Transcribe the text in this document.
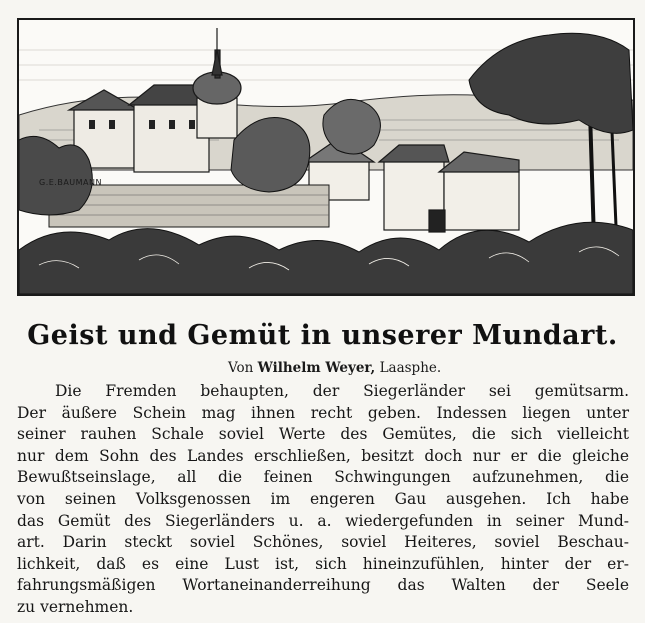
G.E.BAUMANN
Geist und Gemüt in unserer Mundart.
Von Wilhelm Weyer, Laasphe.
Die Fremden behaupten, der Siegerländer sei gemütsarm.
Der äußere Schein mag ihnen recht geben. Indessen liegen unter
seiner rauhen Schale soviel Werte des Gemütes, die sich vielleicht
nur dem Sohn des Landes erschließen, besitzt doch nur er die gleiche
Bewußtseinslage, all die feinen Schwingungen aufzunehmen, die
von seinen Volksgenossen im engeren Gau ausgehen. Ich habe
das Gemüt des Siegerländers u. a. wiedergefunden in seiner Mund-
art. Darin steckt soviel Schönes, soviel Heiteres, soviel Beschau-
lichkeit, daß es eine Lust ist, sich hineinzufühlen, hinter der er-
fahrungsmäßigen Wortaneinanderreihung das Walten der Seele
zu vernehmen.
